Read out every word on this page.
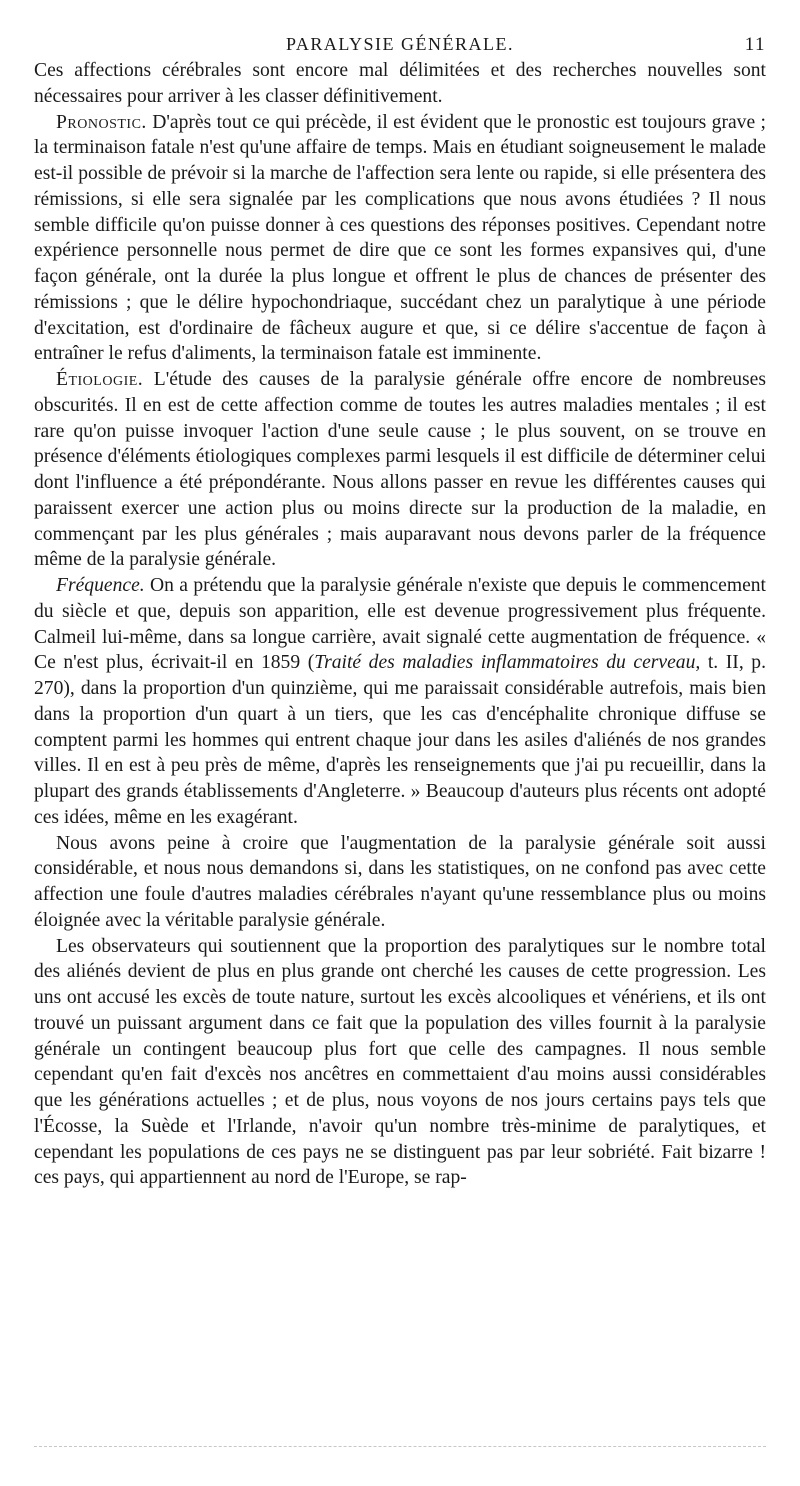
PARALYSIE GÉNÉRALE.	11

Ces affections cérébrales sont encore mal délimitées et des recherches nouvelles sont nécessaires pour arriver à les classer définitivement.

Pronostic. D'après tout ce qui précède, il est évident que le pronostic est toujours grave ; la terminaison fatale n'est qu'une affaire de temps. Mais en étudiant soigneusement le malade est-il possible de prévoir si la marche de l'affection sera lente ou rapide, si elle présentera des rémissions, si elle sera signalée par les complications que nous avons étudiées ? Il nous semble difficile qu'on puisse donner à ces questions des réponses positives. Cependant notre expérience personnelle nous permet de dire que ce sont les formes expansives qui, d'une façon générale, ont la durée la plus longue et offrent le plus de chances de présenter des rémissions ; que le délire hypochondriaque, succédant chez un paralytique à une période d'excitation, est d'ordinaire de fâcheux augure et que, si ce délire s'accentue de façon à entraîner le refus d'aliments, la terminaison fatale est imminente.

Étiologie. L'étude des causes de la paralysie générale offre encore de nombreuses obscurités. Il en est de cette affection comme de toutes les autres maladies mentales ; il est rare qu'on puisse invoquer l'action d'une seule cause ; le plus souvent, on se trouve en présence d'éléments étiologiques complexes parmi lesquels il est difficile de déterminer celui dont l'influence a été prépondérante. Nous allons passer en revue les différentes causes qui paraissent exercer une action plus ou moins directe sur la production de la maladie, en commençant par les plus générales ; mais auparavant nous devons parler de la fréquence même de la paralysie générale.

Fréquence. On a prétendu que la paralysie générale n'existe que depuis le commencement du siècle et que, depuis son apparition, elle est devenue progressivement plus fréquente. Calmeil lui-même, dans sa longue carrière, avait signalé cette augmentation de fréquence. « Ce n'est plus, écrivait-il en 1859 (Traité des maladies inflammatoires du cerveau, t. II, p. 270), dans la proportion d'un quinzième, qui me paraissait considérable autrefois, mais bien dans la proportion d'un quart à un tiers, que les cas d'encéphalite chronique diffuse se comptent parmi les hommes qui entrent chaque jour dans les asiles d'aliénés de nos grandes villes. Il en est à peu près de même, d'après les renseignements que j'ai pu recueillir, dans la plupart des grands établissements d'Angleterre. » Beaucoup d'auteurs plus récents ont adopté ces idées, même en les exagérant.

Nous avons peine à croire que l'augmentation de la paralysie générale soit aussi considérable, et nous nous demandons si, dans les statistiques, on ne confond pas avec cette affection une foule d'autres maladies cérébrales n'ayant qu'une ressemblance plus ou moins éloignée avec la véritable paralysie générale.

Les observateurs qui soutiennent que la proportion des paralytiques sur le nombre total des aliénés devient de plus en plus grande ont cherché les causes de cette progression. Les uns ont accusé les excès de toute nature, surtout les excès alcooliques et vénériens, et ils ont trouvé un puissant argument dans ce fait que la population des villes fournit à la paralysie générale un contingent beaucoup plus fort que celle des campagnes. Il nous semble cependant qu'en fait d'excès nos ancêtres en commettaient d'au moins aussi considérables que les générations actuelles ; et de plus, nous voyons de nos jours certains pays tels que l'Écosse, la Suède et l'Irlande, n'avoir qu'un nombre très-minime de paralytiques, et cependant les populations de ces pays ne se distinguent pas par leur sobriété. Fait bizarre ! ces pays, qui appartiennent au nord de l'Europe, se rap-
